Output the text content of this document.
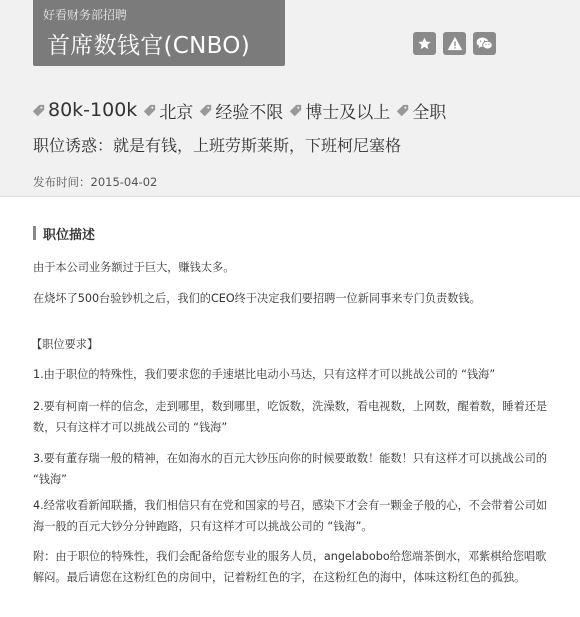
好看财务部招聘
首席数钱官(CNBO)
80k-100k 北京 经验不限 博士及以上 全职
职位诱惑：就是有钱，上班劳斯莱斯，下班柯尼塞格
发布时间：2015-04-02
职位描述
由于本公司业务额过于巨大，赚钱太多。
在烧坏了500台验钞机之后，我们的CEO终于决定我们要招聘一位新同事来专门负责数钱。
【职位要求】
1.由于职位的特殊性，我们要求您的手速堪比电动小马达，只有这样才可以挑战公司的 “钱海”
2.要有柯南一样的信念，走到哪里，数到哪里，吃饭数，洗澡数，看电视数，上网数，醒着数，睡着还是数，只有这样才可以挑战公司的 “钱海”
3.要有董存瑞一般的精神，在如海水的百元大钞压向你的时候要敢数！能数！只有这样才可以挑战公司的 “钱海”
4.经常收看新闻联播，我们相信只有在党和国家的号召，感染下才会有一颗金子般的心，不会带着公司如海一般的百元大钞分分钟跑路，只有这样才可以挑战公司的 “钱海”。
附：由于职位的特殊性，我们会配备给您专业的服务人员，angelabobo给您端茶倒水，邓紫棋给您唱歌解闷。最后请您在这粉红色的房间中，记着粉红色的字，在这粉红色的海中，体味这粉红色的孤独。
